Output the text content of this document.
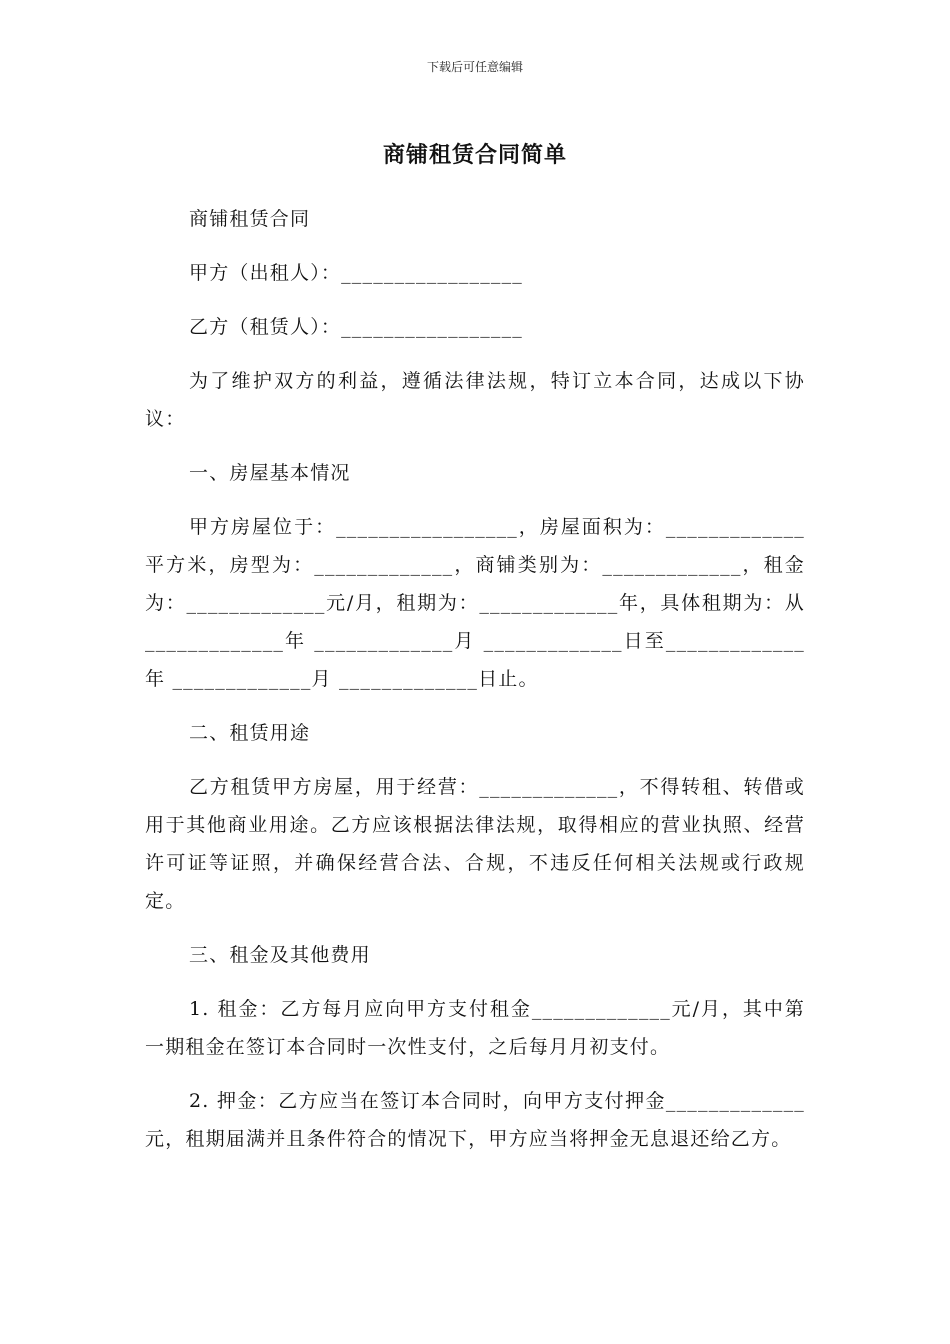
下载后可任意编辑
商铺租赁合同简单

商铺租赁合同

甲方（出租人）：_________________

乙方（租赁人）：_________________

为了维护双方的利益，遵循法律法规，特订立本合同，达成以下协议：

一、房屋基本情况

甲方房屋位于：_________________，房屋面积为：_____________平方米，房型为：_____________，商铺类别为：_____________，租金为：_____________元/月，租期为：_____________年，具体租期为：从 _____________年 _____________月 _____________日至_____________年 _____________月 _____________日止。

二、租赁用途

乙方租赁甲方房屋，用于经营：_____________，不得转租、转借或用于其他商业用途。乙方应该根据法律法规，取得相应的营业执照、经营许可证等证照，并确保经营合法、合规，不违反任何相关法规或行政规定。

三、租金及其他费用

1. 租金：乙方每月应向甲方支付租金_____________元/月，其中第一期租金在签订本合同时一次性支付，之后每月月初支付。

2. 押金：乙方应当在签订本合同时，向甲方支付押金_____________元，租期届满并且条件符合的情况下，甲方应当将押金无息退还给乙方。
